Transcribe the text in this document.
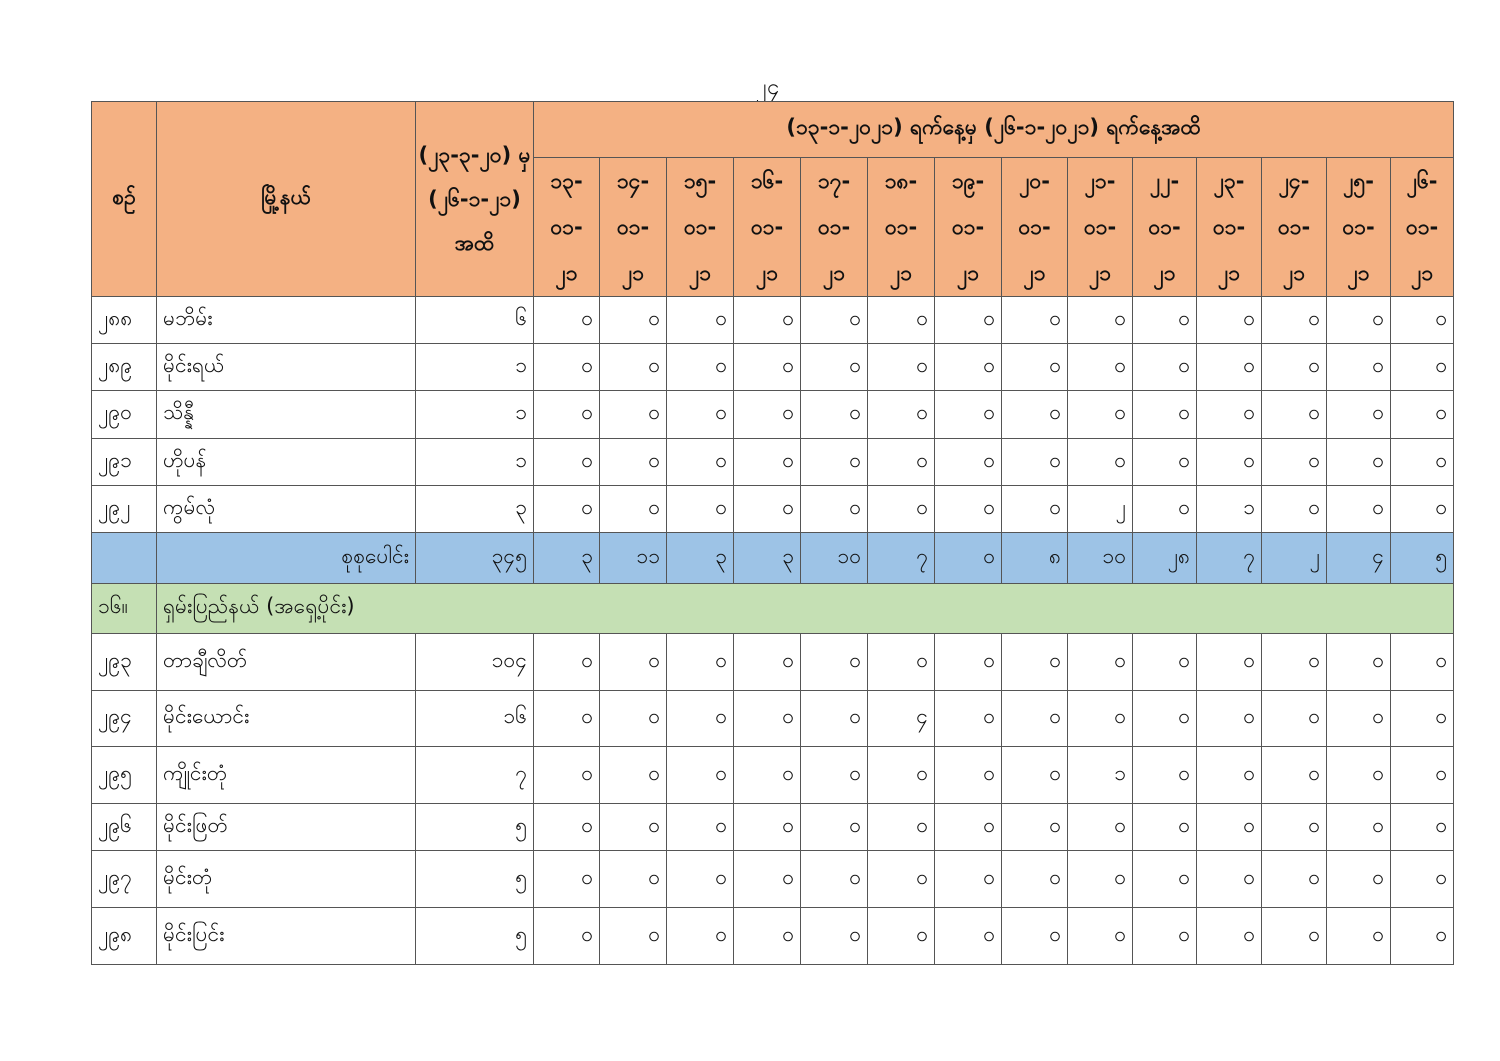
၂၄
စဉ်	မြို့နယ်	(၂၃-၃-၂၀) မှ (၂၆-၁-၂၁) အထိ	(၁၃-၁-၂၀၂၁) ရက်နေ့မှ (၂၆-၁-၂၀၂၁) ရက်နေ့အထိ													
			၁၃-
၀၁-
၂၁	၁၄-
၀၁-
၂၁	၁၅-
၀၁-
၂၁	၁၆-
၀၁-
၂၁	၁၇-
၀၁-
၂၁	၁၈-
၀၁-
၂၁	၁၉-
၀၁-
၂၁	၂၀-
၀၁-
၂၁	၂၁-
၀၁-
၂၁	၂၂-
၀၁-
၂၁	၂၃-
၀၁-
၂၁	၂၄-
၀၁-
၂၁	၂၅-
၀၁-
၂၁	၂၆-
၀၁-
၂၁
၂၈၈	မဘိမ်း	၆	၀	၀	၀	၀	၀	၀	၀	၀	၀	၀	၀	၀	၀	၀
၂၈၉	မိုင်းရယ်	၁	၀	၀	၀	၀	၀	၀	၀	၀	၀	၀	၀	၀	၀	၀
၂၉၀	သိန္နီ	၁	၀	၀	၀	၀	၀	၀	၀	၀	၀	၀	၀	၀	၀	၀
၂၉၁	ဟိုပန်	၁	၀	၀	၀	၀	၀	၀	၀	၀	၀	၀	၀	၀	၀	၀
၂၉၂	ကွမ်လုံ	၃	၀	၀	၀	၀	၀	၀	၀	၀	၂	၀	၁	၀	၀	၀
	စုစုပေါင်း	၃၄၅	၃	၁၁	၃	၃	၁၀	၇	၀	၈	၁၀	၂၈	၇	၂	၄	၅
၁၆။	ရှမ်းပြည်နယ် (အရှေ့ပိုင်း)															
၂၉၃	တာချီလိတ်	၁၀၄	၀	၀	၀	၀	၀	၀	၀	၀	၀	၀	၀	၀	၀	၀
၂၉၄	မိုင်းယောင်း	၁၆	၀	၀	၀	၀	၀	၄	၀	၀	၀	၀	၀	၀	၀	၀
၂၉၅	ကျိုင်းတုံ	၇	၀	၀	၀	၀	၀	၀	၀	၀	၁	၀	၀	၀	၀	၀
၂၉၆	မိုင်းဖြတ်	၅	၀	၀	၀	၀	၀	၀	၀	၀	၀	၀	၀	၀	၀	၀
၂၉၇	မိုင်းတုံ	၅	၀	၀	၀	၀	၀	၀	၀	၀	၀	၀	၀	၀	၀	၀
၂၉၈	မိုင်းပြင်း	၅	၀	၀	၀	၀	၀	၀	၀	၀	၀	၀	၀	၀	၀	၀
